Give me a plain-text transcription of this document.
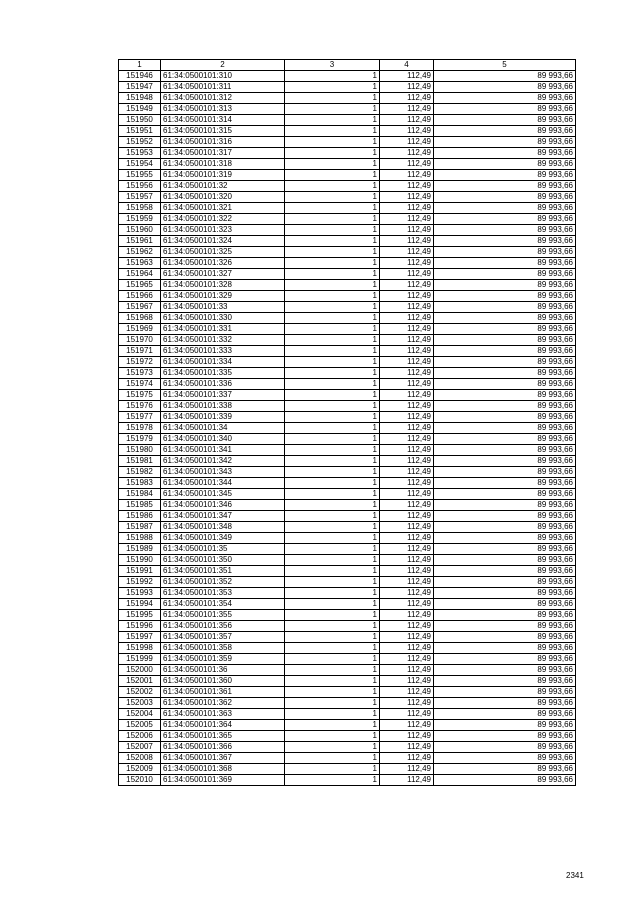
1	2	3	4	5
151946	61:34:0500101:310	1	112,49	89 993,66
151947	61:34:0500101:311	1	112,49	89 993,66
151948	61:34:0500101:312	1	112,49	89 993,66
151949	61:34:0500101:313	1	112,49	89 993,66
151950	61:34:0500101:314	1	112,49	89 993,66
151951	61:34:0500101:315	1	112,49	89 993,66
151952	61:34:0500101:316	1	112,49	89 993,66
151953	61:34:0500101:317	1	112,49	89 993,66
151954	61:34:0500101:318	1	112,49	89 993,66
151955	61:34:0500101:319	1	112,49	89 993,66
151956	61:34:0500101:32	1	112,49	89 993,66
151957	61:34:0500101:320	1	112,49	89 993,66
151958	61:34:0500101:321	1	112,49	89 993,66
151959	61:34:0500101:322	1	112,49	89 993,66
151960	61:34:0500101:323	1	112,49	89 993,66
151961	61:34:0500101:324	1	112,49	89 993,66
151962	61:34:0500101:325	1	112,49	89 993,66
151963	61:34:0500101:326	1	112,49	89 993,66
151964	61:34:0500101:327	1	112,49	89 993,66
151965	61:34:0500101:328	1	112,49	89 993,66
151966	61:34:0500101:329	1	112,49	89 993,66
151967	61:34:0500101:33	1	112,49	89 993,66
151968	61:34:0500101:330	1	112,49	89 993,66
151969	61:34:0500101:331	1	112,49	89 993,66
151970	61:34:0500101:332	1	112,49	89 993,66
151971	61:34:0500101:333	1	112,49	89 993,66
151972	61:34:0500101:334	1	112,49	89 993,66
151973	61:34:0500101:335	1	112,49	89 993,66
151974	61:34:0500101:336	1	112,49	89 993,66
151975	61:34:0500101:337	1	112,49	89 993,66
151976	61:34:0500101:338	1	112,49	89 993,66
151977	61:34:0500101:339	1	112,49	89 993,66
151978	61:34:0500101:34	1	112,49	89 993,66
151979	61:34:0500101:340	1	112,49	89 993,66
151980	61:34:0500101:341	1	112,49	89 993,66
151981	61:34:0500101:342	1	112,49	89 993,66
151982	61:34:0500101:343	1	112,49	89 993,66
151983	61:34:0500101:344	1	112,49	89 993,66
151984	61:34:0500101:345	1	112,49	89 993,66
151985	61:34:0500101:346	1	112,49	89 993,66
151986	61:34:0500101:347	1	112,49	89 993,66
151987	61:34:0500101:348	1	112,49	89 993,66
151988	61:34:0500101:349	1	112,49	89 993,66
151989	61:34:0500101:35	1	112,49	89 993,66
151990	61:34:0500101:350	1	112,49	89 993,66
151991	61:34:0500101:351	1	112,49	89 993,66
151992	61:34:0500101:352	1	112,49	89 993,66
151993	61:34:0500101:353	1	112,49	89 993,66
151994	61:34:0500101:354	1	112,49	89 993,66
151995	61:34:0500101:355	1	112,49	89 993,66
151996	61:34:0500101:356	1	112,49	89 993,66
151997	61:34:0500101:357	1	112,49	89 993,66
151998	61:34:0500101:358	1	112,49	89 993,66
151999	61:34:0500101:359	1	112,49	89 993,66
152000	61:34:0500101:36	1	112,49	89 993,66
152001	61:34:0500101:360	1	112,49	89 993,66
152002	61:34:0500101:361	1	112,49	89 993,66
152003	61:34:0500101:362	1	112,49	89 993,66
152004	61:34:0500101:363	1	112,49	89 993,66
152005	61:34:0500101:364	1	112,49	89 993,66
152006	61:34:0500101:365	1	112,49	89 993,66
152007	61:34:0500101:366	1	112,49	89 993,66
152008	61:34:0500101:367	1	112,49	89 993,66
152009	61:34:0500101:368	1	112,49	89 993,66
152010	61:34:0500101:369	1	112,49	89 993,66
2341
